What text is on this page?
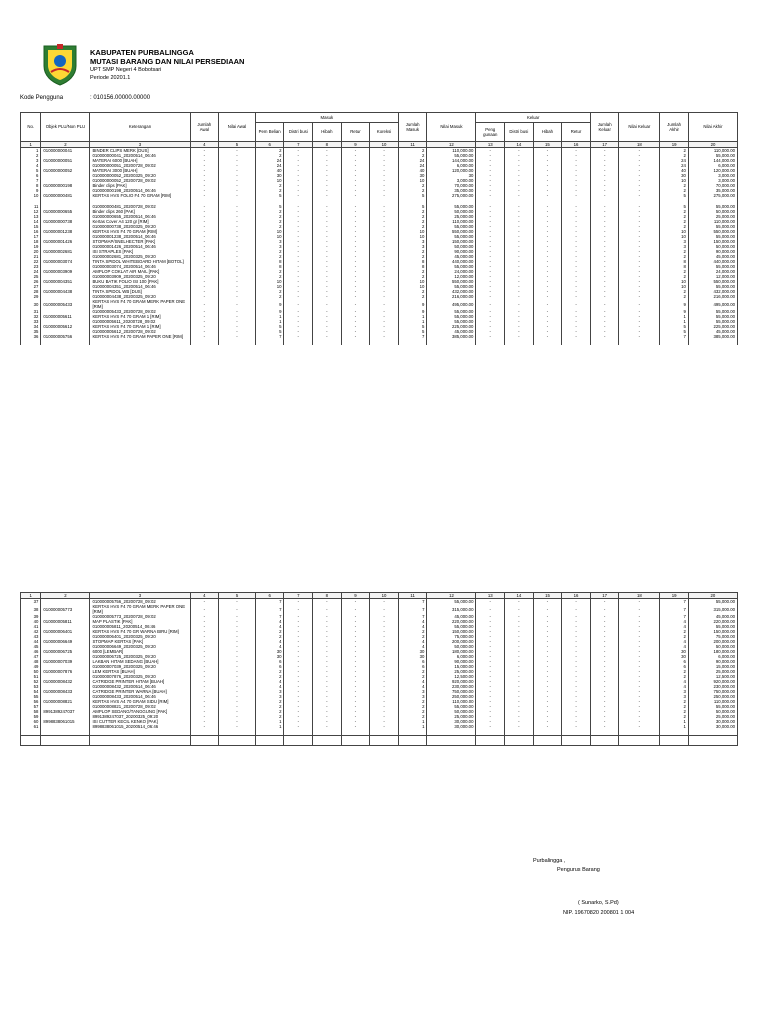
KABUPATEN PURBALINGGA
MUTASI BARANG DAN NILAI PERSEDIAAN
UPT SMP Negeri 4 Bobotsari
Periode 20201.1
Kode Pengguna	: 010156.00000.00000
No.	Objek PLU/Non PLU	Keterangan	Jumlah Awal	Nilai Awal	Masuk					Jumlah Masuk	Nilai Masuk	Keluar				Jumlah Keluar	Nilai Keluar	Jumlah Akhir	Nilai Akhir
					Pem Belian	Distri busi	Hibah	Retur	Koreksi			Peng gunaan	Distri busi	Hibah	Retur				
1	2	3	4	5	6	7	8	9	10	11	12	13	14	15	16	17	18	19	20
1	010000000041	BINDER CLIPS MERK [DUS]	-	-	2	-	-	-	-	2	110,000.00	-	-	-	-	-	-	2	110,000.00
2		010000000041_20200514_06:46	-	-	2	-	-	-	-	2	55,000.00	-	-	-	-	-	-	2	55,000.00
3	010000000051	MATERAI 6000 [BUAH]	-	-	24	-	-	-	-	24	144,000.00	-	-	-	-	-	-	24	144,000.00
4		010000000051_20200728_09:02	-	-	24	-	-	-	-	24	6,000.00	-	-	-	-	-	-	24	6,000.00
5	010000000052	MATERAI 3000 [BUAH]	-	-	40	-	-	-	-	40	120,000.00	-	-	-	-	-	-	40	120,000.00
6		010000000052_20200325_09:20	-	-	30	-	-	-	-	30	30	-	-	-	-	-	-	30	3,000.00
7		010000000052_20200728_09:02	-	-	10	-	-	-	-	10	3,000.00	-	-	-	-	-	-	10	3,000.00
8	010000000198	Binder clips [PAK]	-	-	2	-	-	-	-	2	70,000.00	-	-	-	-	-	-	2	70,000.00
9		010000000198_20200514_06:46	-	-	2	-	-	-	-	2	35,000.00	-	-	-	-	-	-	2	35,000.00
10	010000000481	KERTAS HVS FOLIO F4 70 GRAM [RIM]	-	-	5	-	-	-	-	5	275,000.00	-	-	-	-	-	-	5	275,000.00

11		010000000481_20200728_09:02	-	-	5	-	-	-	-	5	55,000.00	-	-	-	-	-	-	5	55,000.00
12	010000000655	Binder clips 260 [PAK]	-	-	2	-	-	-	-	2	50,000.00	-	-	-	-	-	-	2	50,000.00
13		010000000655_20200514_06:46	-	-	2	-	-	-	-	2	25,000.00	-	-	-	-	-	-	2	25,000.00
14	010000000738	Kertas Cover A4 120 gr [RIM]	-	-	2	-	-	-	-	2	110,000.00	-	-	-	-	-	-	2	110,000.00
15		010000000738_20200325_09:20	-	-	2	-	-	-	-	2	55,000.00	-	-	-	-	-	-	2	55,000.00
16	010000001238	KERTAS HVS F4 70 GRAM [RIM]	-	-	10	-	-	-	-	10	550,000.00	-	-	-	-	-	-	10	550,000.00
17		010000001238_20200514_06:46	-	-	10	-	-	-	-	10	55,000.00	-	-	-	-	-	-	10	55,000.00
18	010000001426	STOPMAP/SNELHECTER [PAK]	-	-	3	-	-	-	-	3	150,000.00	-	-	-	-	-	-	3	150,000.00
19		010000001426_20200514_06:46	-	-	3	-	-	-	-	3	50,000.00	-	-	-	-	-	-	3	50,000.00
20	010000002681	ISI STRAPLES [PAK]	-	-	2	-	-	-	-	2	90,000.00	-	-	-	-	-	-	2	90,000.00
21		010000002681_20200325_09:20	-	-	2	-	-	-	-	2	45,000.00	-	-	-	-	-	-	2	45,000.00
22	010000003074	TINTA SPIDOL WHITEBOARD HITAM [BOTOL]	-	-	8	-	-	-	-	8	440,000.00	-	-	-	-	-	-	8	440,000.00
23		010000003074_20200514_06:46	-	-	8	-	-	-	-	8	55,000.00	-	-	-	-	-	-	8	55,000.00
24	010000003909	AMPLOP COKLAT AIR MAIL [PAK]	-	-	2	-	-	-	-	2	24,000.00	-	-	-	-	-	-	2	24,000.00
25		010000003909_20200325_09:20	-	-	2	-	-	-	-	2	12,000.00	-	-	-	-	-	-	2	12,000.00
26	010000004351	BUKU BATIK FOLIO ISI 100 [PAK]	-	-	10	-	-	-	-	10	550,000.00	-	-	-	-	-	-	10	550,000.00
27		010000004351_20200514_06:46	-	-	10	-	-	-	-	10	55,000.00	-	-	-	-	-	-	10	55,000.00
28	010000004438	TINTA SPIDOL WB [DUS]	-	-	2	-	-	-	-	2	432,000.00	-	-	-	-	-	-	2	432,000.00
29		010000004438_20200325_09:20	-	-	2	-	-	-	-	2	216,000.00	-	-	-	-	-	-	2	216,000.00
30	010000005433	KERTAS HVS F4 70 GRAM MERK PAPER ONE [RIM]	-	-	9	-	-	-	-	9	495,000.00	-	-	-	-	-	-	9	495,000.00
31		010000005433_20200728_09:02	-	-	9	-	-	-	-	9	55,000.00	-	-	-	-	-	-	9	55,000.00
32	010000005611	KERTAS HVS F4 70 GRAM 1 [RIM]	-	-	1	-	-	-	-	1	55,000.00	-	-	-	-	-	-	1	55,000.00
33		010000005611_20200728_09:02	-	-	1	-	-	-	-	1	55,000.00	-	-	-	-	-	-	1	55,000.00
34	010000005612	KERTAS HVS F4 70 GRAM 1 [RIM]	-	-	5	-	-	-	-	5	225,000.00	-	-	-	-	-	-	5	225,000.00
35		010000005612_20200728_09:02	-	-	5	-	-	-	-	5	45,000.00	-	-	-	-	-	-	5	45,000.00
36	010000005756	KERTAS HVS F4 70 GRAM PAPER ONE [RIM]	-	-	7	-	-	-	-	7	385,000.00	-	-	-	-	-	-	7	385,000.00

1	2	3	4	5	6	7	8	9	10	11	12	13	14	15	16	17	18	19	20
37		010000005756_20200728_09:02	-	-	7	-	-	-	-	7	55,000.00	-	-	-	-	-	-	7	55,000.00
38	010000005773	KERTAS HVS F4 70 GRAM MERK PAPER ONE [RIM]	-	-	7	-	-	-	-	7	315,000.00	-	-	-	-	-	-	7	315,000.00
39		010000005773_20200728_09:02	-	-	7	-	-	-	-	7	45,000.00	-	-	-	-	-	-	7	45,000.00
40	010000005811	MAP PLASTIK [PAK]	-	-	4	-	-	-	-	4	220,000.00	-	-	-	-	-	-	4	220,000.00
41		010000005811_20200514_06:46	-	-	4	-	-	-	-	4	55,000.00	-	-	-	-	-	-	4	55,000.00
42	010000006401	KERTAS HVS F4 70 GR WARNA BIRU [RIM]	-	-	2	-	-	-	-	2	150,000.00	-	-	-	-	-	-	2	150,000.00
43		010000006401_20200325_09:20	-	-	2	-	-	-	-	2	75,000.00	-	-	-	-	-	-	2	75,000.00
44	010000006649	STOPMAP KERTAS [PAK]	-	-	4	-	-	-	-	4	200,000.00	-	-	-	-	-	-	4	200,000.00
45		010000006649_20200325_09:20	-	-	4	-	-	-	-	4	50,000.00	-	-	-	-	-	-	4	50,000.00
46	010000006725	6000 [LEMBAR]	-	-	30	-	-	-	-	30	180,000.00	-	-	-	-	-	-	30	180,000.00
47		010000006725_20200325_09:20	-	-	30	-	-	-	-	30	6,000.00	-	-	-	-	-	-	30	6,000.00
48	010000007039	LAKBAN HITAM SEDANG [BUAH]	-	-	6	-	-	-	-	6	90,000.00	-	-	-	-	-	-	6	90,000.00
49		010000007039_20200325_09:20	-	-	6	-	-	-	-	6	15,000.00	-	-	-	-	-	-	6	15,000.00
50	010000007876	LEM KERTAS [BUAH]	-	-	2	-	-	-	-	2	25,000.00	-	-	-	-	-	-	2	25,000.00
51		010000007876_20200325_09:20	-	-	2	-	-	-	-	2	12,500.00	-	-	-	-	-	-	2	12,500.00
52	010000008432	CATRIDGE PRINTER HITAM [BUAH]	-	-	4	-	-	-	-	4	920,000.00	-	-	-	-	-	-	4	920,000.00
53		010000008432_20200514_06:46	-	-	4	-	-	-	-	4	230,000.00	-	-	-	-	-	-	4	230,000.00
54	010000008433	CATRIDGE PRINTER WARNA [BUAH]	-	-	3	-	-	-	-	3	750,000.00	-	-	-	-	-	-	3	750,000.00
55		010000008433_20200514_06:46	-	-	3	-	-	-	-	3	250,000.00	-	-	-	-	-	-	3	250,000.00
56	010000008821	KERTAS HVS A4 70 GRAM SIDU [RIM]	-	-	2	-	-	-	-	2	110,000.00	-	-	-	-	-	-	2	110,000.00
57		010000008821_20200728_09:02	-	-	2	-	-	-	-	2	55,000.00	-	-	-	-	-	-	2	55,000.00
58	8991389247037	AMPLOP SEDANG/TANGGUNG [PAK]	-	-	2	-	-	-	-	2	50,000.00	-	-	-	-	-	-	2	50,000.00
59		8991389247037_20200325_09:20	-	-	2	-	-	-	-	2	25,000.00	-	-	-	-	-	-	2	25,000.00
60	8998838061015	ISI CUTTER KECIL KENKO [PAK]	-	-	1	-	-	-	-	1	30,000.00	-	-	-	-	-	-	1	30,000.00
61		8998838061015_20200514_06:46	-	-	1	-	-	-	-	1	30,000.00	-	-	-	-	-	-	1	30,000.00

Purbalingga ,
Pengurus Barang
( Sunarko, S.Pd)
NIP. 19670820 200801 1 004
